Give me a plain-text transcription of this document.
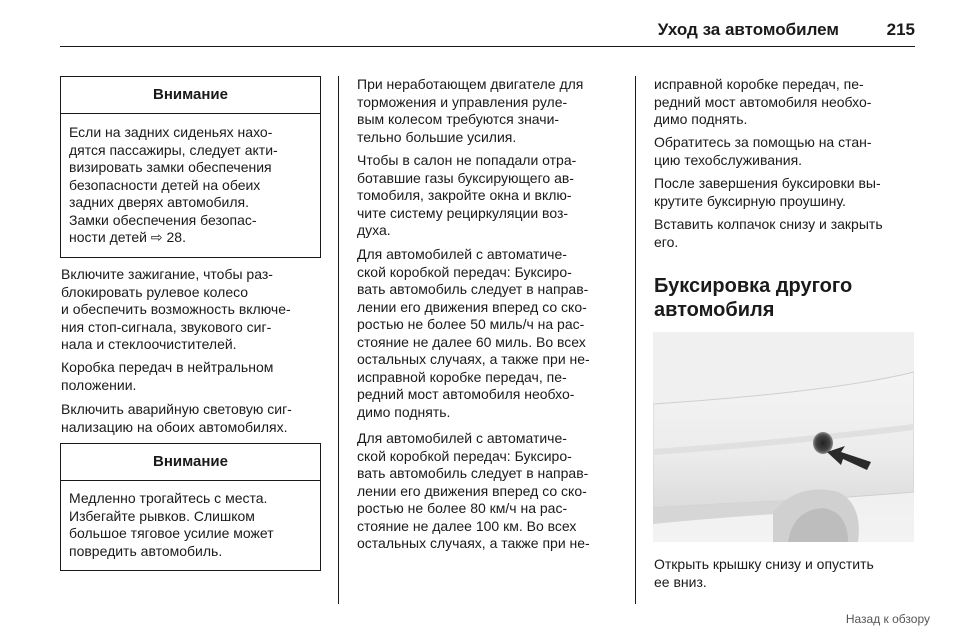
Уход за автомобилем	215
Внимание

Если на задних сиденьях нахо-
дятся пассажиры, следует акти-
визировать замки обеспечения
безопасности детей на обеих
задних дверях автомобиля.
Замки обеспечения безопас-
ности детей ⇨ 28.

Включите зажигание, чтобы раз-
блокировать рулевое колесо
и обеспечить возможность включе-
ния стоп-сигнала, звукового сиг-
нала и стеклоочистителей.

Коробка передач в нейтральном
положении.

Включить аварийную световую сиг-
нализацию на обоих автомобилях.

Внимание

Медленно трогайтесь с места.
Избегайте рывков. Слишком
большое тяговое усилие может
повредить автомобиль.

При неработающем двигателе для
торможения и управления руле-
вым колесом требуются значи-
тельно большие усилия.

Чтобы в салон не попадали отра-
ботавшие газы буксирующего ав-
томобиля, закройте окна и вклю-
чите систему рециркуляции воз-
духа.

Для автомобилей с автоматиче-
ской коробкой передач: Буксиро-
вать автомобиль следует в направ-
лении его движения вперед со ско-
ростью не более 50 миль/ч на рас-
стояние не далее 60 миль. Во всех
остальных случаях, а также при не-
исправной коробке передач, пе-
редний мост автомобиля необхо-
димо поднять.

Для автомобилей с автоматиче-
ской коробкой передач: Буксиро-
вать автомобиль следует в направ-
лении его движения вперед со ско-
ростью не более 80 км/ч на рас-
стояние не далее 100 км. Во всех
остальных случаях, а также при не-

исправной коробке передач, пе-
редний мост автомобиля необхо-
димо поднять.

Обратитесь за помощью на стан-
цию техобслуживания.

После завершения буксировки вы-
крутите буксирную проушину.

Вставить колпачок снизу и закрыть
его.

Буксировка другого
автомобиля

Открыть крышку снизу и опустить
ее вниз.

Назад к обзору
